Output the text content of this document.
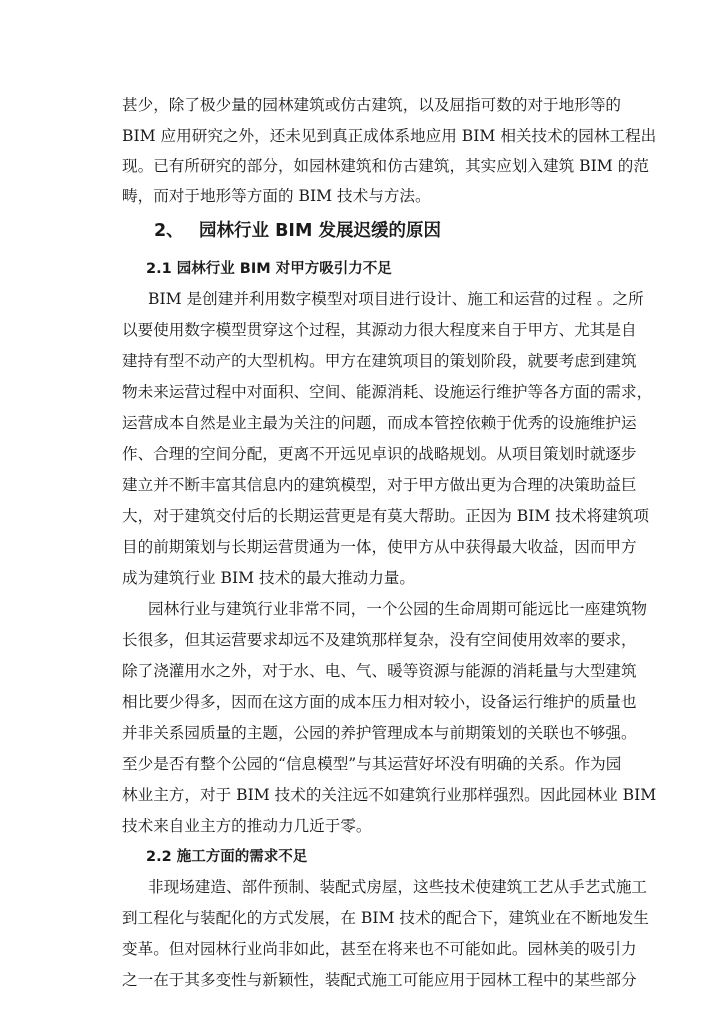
甚少，除了极少量的园林建筑或仿古建筑，以及屈指可数的对于地形等的
BIM 应用研究之外，还未见到真正成体系地应用 BIM 相关技术的园林工程出
现。已有所研究的部分，如园林建筑和仿古建筑，其实应划入建筑 BIM 的范
畴，而对于地形等方面的 BIM 技术与方法。
2、 园林行业 BIM 发展迟缓的原因
2.1 园林行业 BIM 对甲方吸引力不足
BIM 是创建并利用数字模型对项目进行设计、施工和运营的过程 。之所
以要使用数字模型贯穿这个过程，其源动力很大程度来自于甲方、尤其是自
建持有型不动产的大型机构。甲方在建筑项目的策划阶段，就要考虑到建筑
物未来运营过程中对面积、空间、能源消耗、设施运行维护等各方面的需求，
运营成本自然是业主最为关注的问题，而成本管控依赖于优秀的设施维护运
作、合理的空间分配，更离不开远见卓识的战略规划。从项目策划时就逐步
建立并不断丰富其信息内的建筑模型，对于甲方做出更为合理的决策助益巨
大，对于建筑交付后的长期运营更是有莫大帮助。正因为 BIM 技术将建筑项
目的前期策划与长期运营贯通为一体，使甲方从中获得最大收益，因而甲方
成为建筑行业 BIM 技术的最大推动力量。
园林行业与建筑行业非常不同，一个公园的生命周期可能远比一座建筑物
长很多，但其运营要求却远不及建筑那样复杂，没有空间使用效率的要求，
除了浇灌用水之外，对于水、电、气、暖等资源与能源的消耗量与大型建筑
相比要少得多，因而在这方面的成本压力相对较小，设备运行维护的质量也
并非关系园质量的主题，公园的养护管理成本与前期策划的关联也不够强。
至少是否有整个公园的“信息模型”与其运营好坏没有明确的关系。作为园
林业主方，对于 BIM 技术的关注远不如建筑行业那样强烈。因此园林业 BIM
技术来自业主方的推动力几近于零。
2.2 施工方面的需求不足
非现场建造、部件预制、装配式房屋，这些技术使建筑工艺从手艺式施工
到工程化与装配化的方式发展，在 BIM 技术的配合下，建筑业在不断地发生
变革。但对园林行业尚非如此，甚至在将来也不可能如此。园林美的吸引力
之一在于其多变性与新颖性，装配式施工可能应用于园林工程中的某些部分
